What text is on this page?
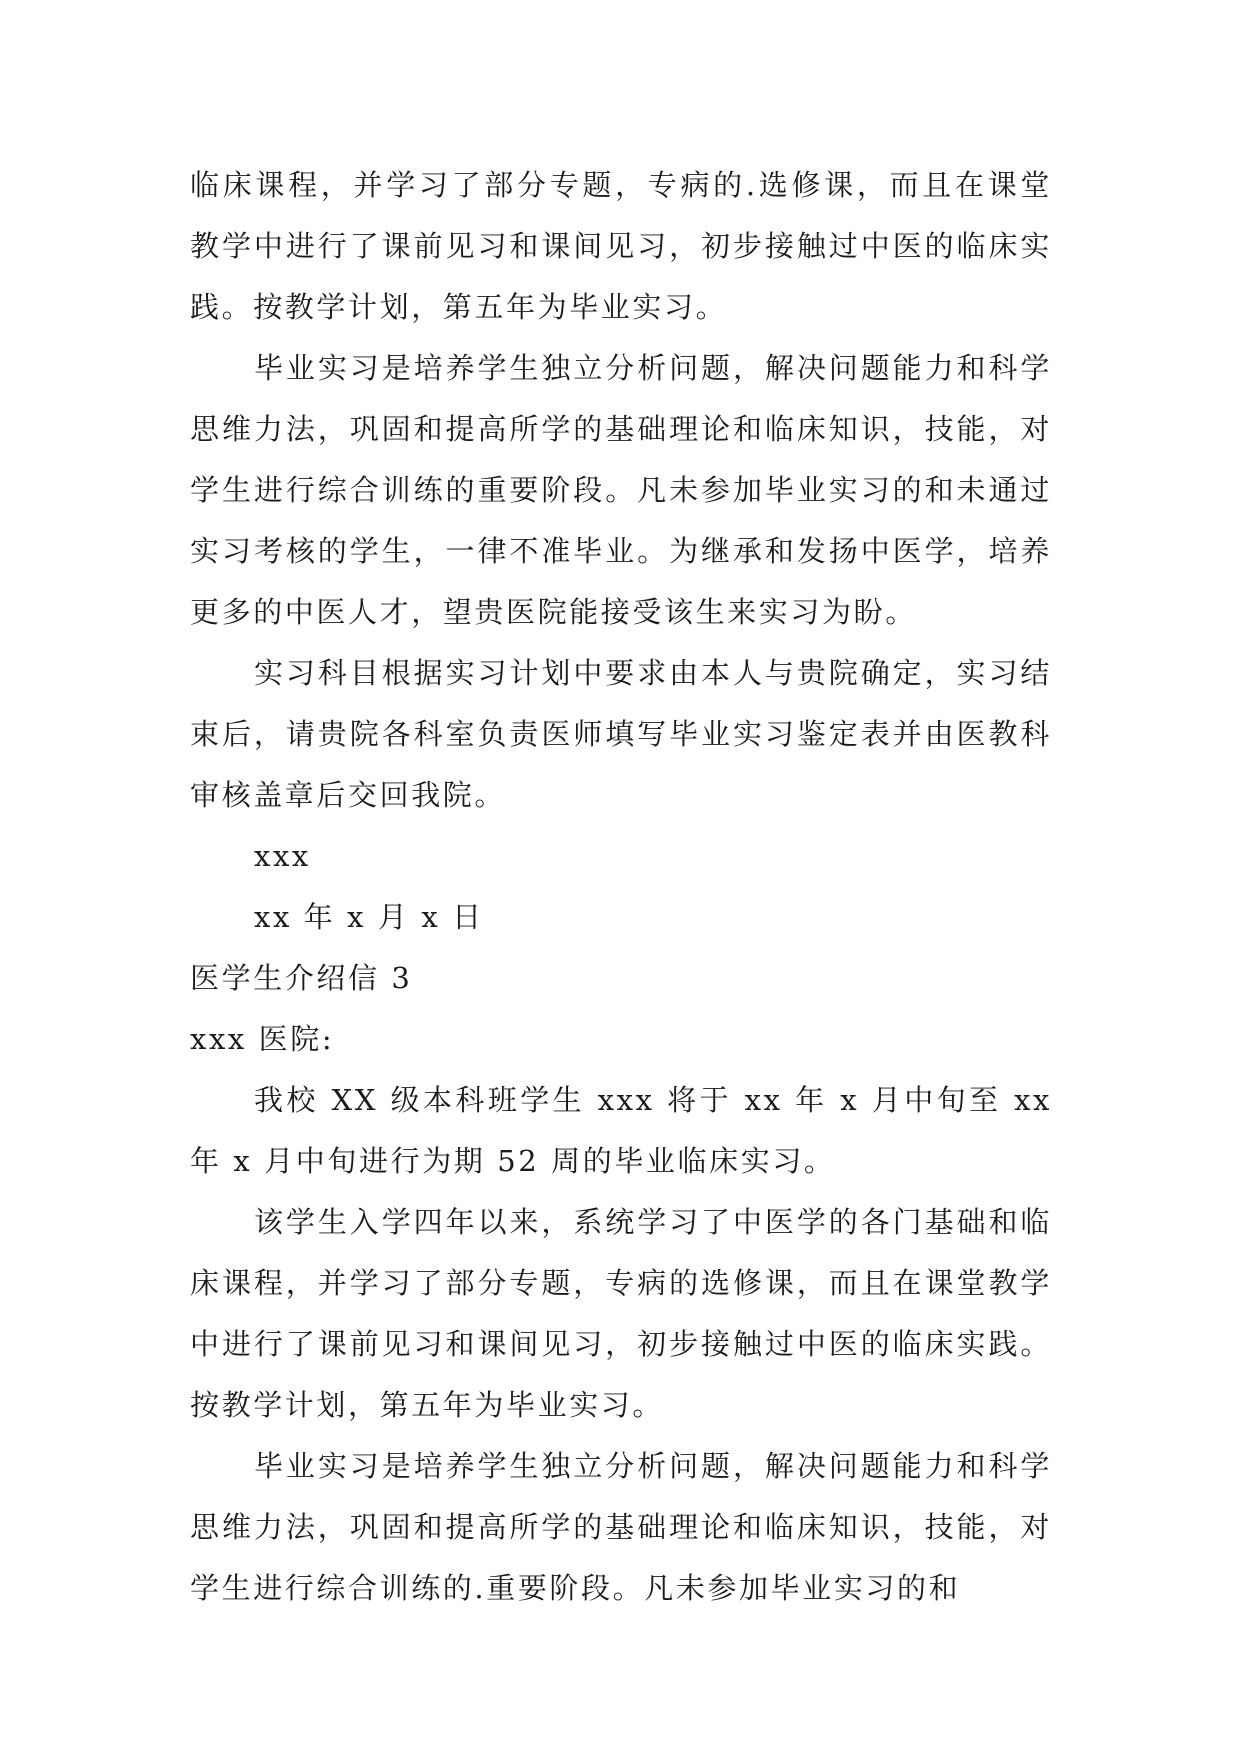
临床课程，并学习了部分专题，专病的.选修课，而且在课堂教学中进行了课前见习和课间见习，初步接触过中医的临床实践。按教学计划，第五年为毕业实习。

毕业实习是培养学生独立分析问题，解决问题能力和科学思维力法，巩固和提高所学的基础理论和临床知识，技能，对学生进行综合训练的重要阶段。凡未参加毕业实习的和未通过实习考核的学生，一律不准毕业。为继承和发扬中医学，培养更多的中医人才，望贵医院能接受该生来实习为盼。

实习科目根据实习计划中要求由本人与贵院确定，实习结束后，请贵院各科室负责医师填写毕业实习鉴定表并由医教科审核盖章后交回我院。

xxx

xx 年 x 月 x 日

医学生介绍信 3

xxx 医院:

我校 XX 级本科班学生 xxx 将于 xx 年 x 月中旬至 xx 年 x 月中旬进行为期 52 周的毕业临床实习。

该学生入学四年以来，系统学习了中医学的各门基础和临床课程，并学习了部分专题，专病的选修课，而且在课堂教学中进行了课前见习和课间见习，初步接触过中医的临床实践。按教学计划，第五年为毕业实习。

毕业实习是培养学生独立分析问题，解决问题能力和科学思维力法，巩固和提高所学的基础理论和临床知识，技能，对学生进行综合训练的.重要阶段。凡未参加毕业实习的和
